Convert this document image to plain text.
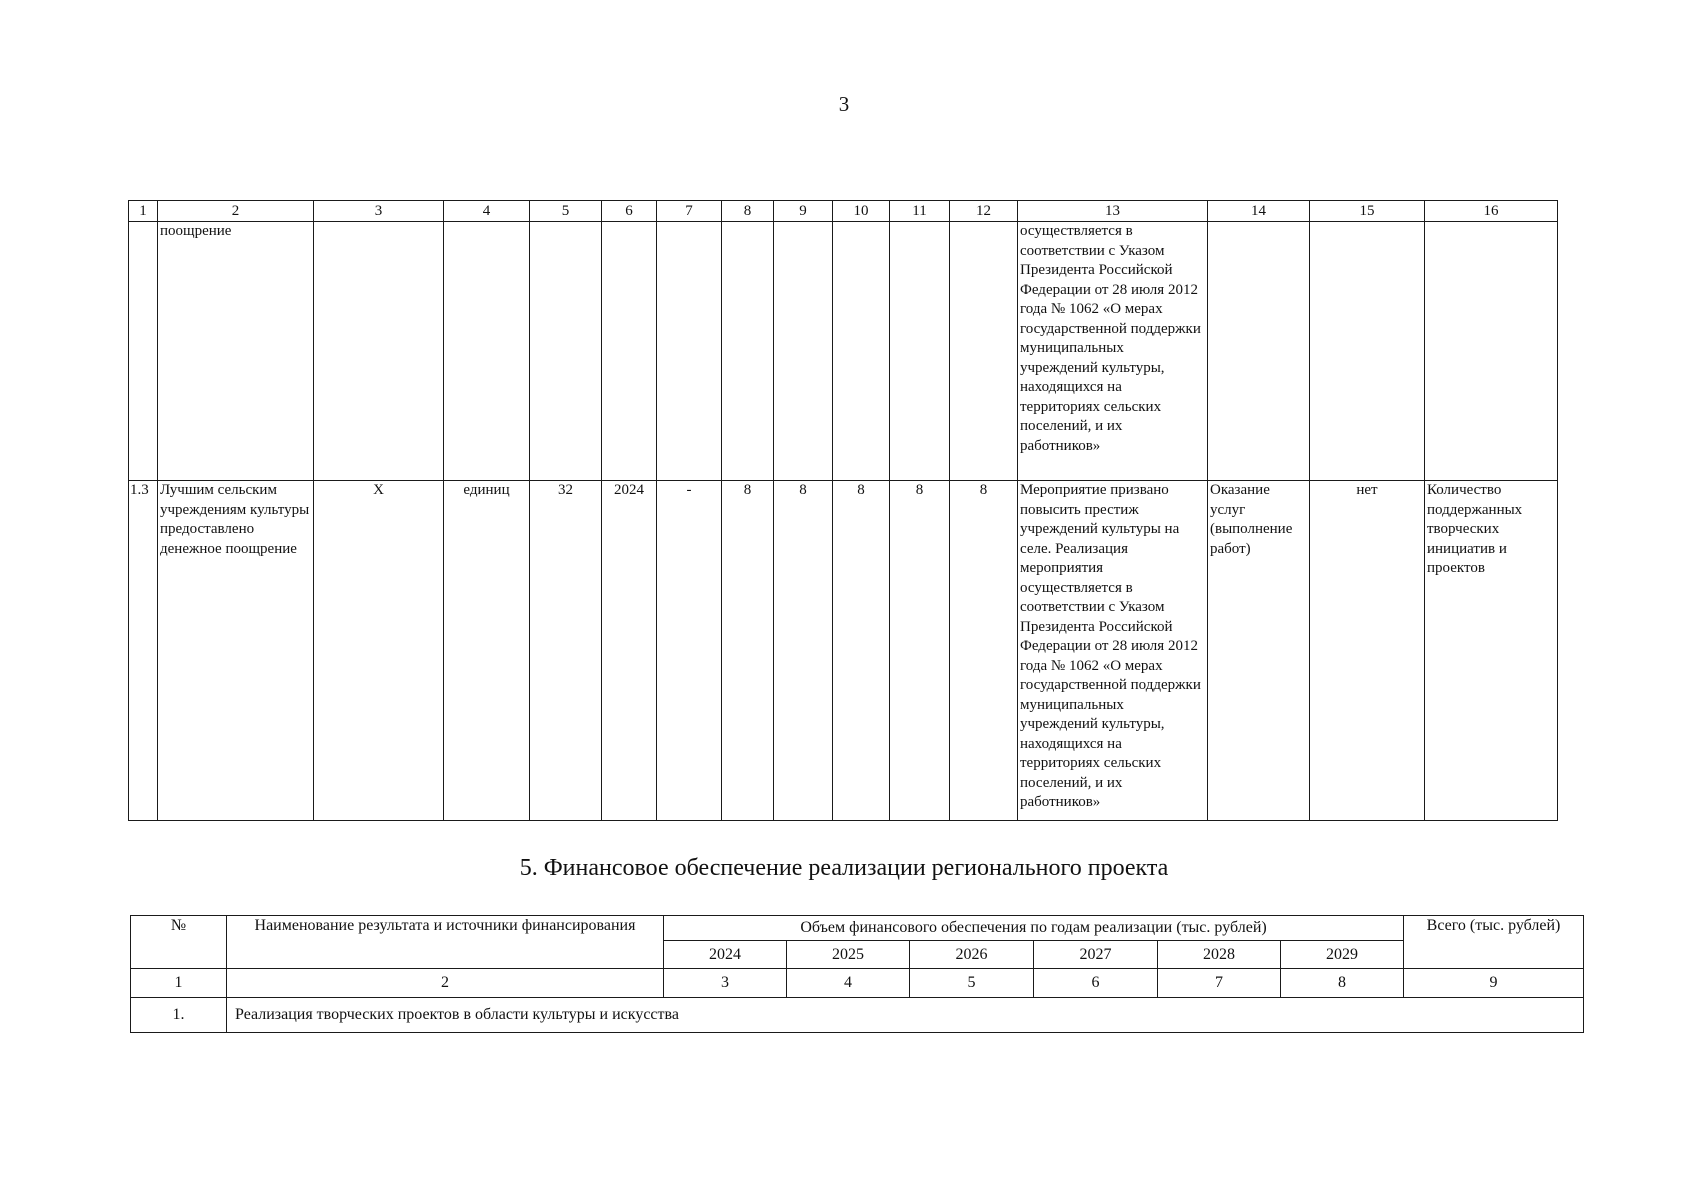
3
1	2	3	4	5	6	7	8	9	10	11	12	13	14	15	16
	поощрение											осуществляется в соответствии с Указом Президента Российской Федерации от 28 июля 2012 года № 1062 «О мерах государственной поддержки муниципальных учреждений культуры, находящихся на территориях сельских поселений, и их работников»			
1.3	Лучшим сельским учреждениям культуры предоставлено денежное поощрение	Х	единиц	32	2024	-	8	8	8	8	8	Мероприятие призвано повысить престиж учреждений культуры на селе. Реализация мероприятия осуществляется в соответствии с Указом Президента Российской Федерации от 28 июля 2012 года № 1062 «О мерах государственной поддержки муниципальных учреждений культуры, находящихся на территориях сельских поселений, и их работников»	Оказание услуг (выполнение работ)	нет	Количество поддержанных творческих инициатив и проектов
5. Финансовое обеспечение реализации регионального проекта
№	Наименование результата и источники финансирования	Объем финансового обеспечения по годам реализации (тыс. рублей)						Всего (тыс. рублей)
		2024	2025	2026	2027	2028	2029	
1	2	3	4	5	6	7	8	9
1.	Реализация творческих проектов в области культуры и искусства							
